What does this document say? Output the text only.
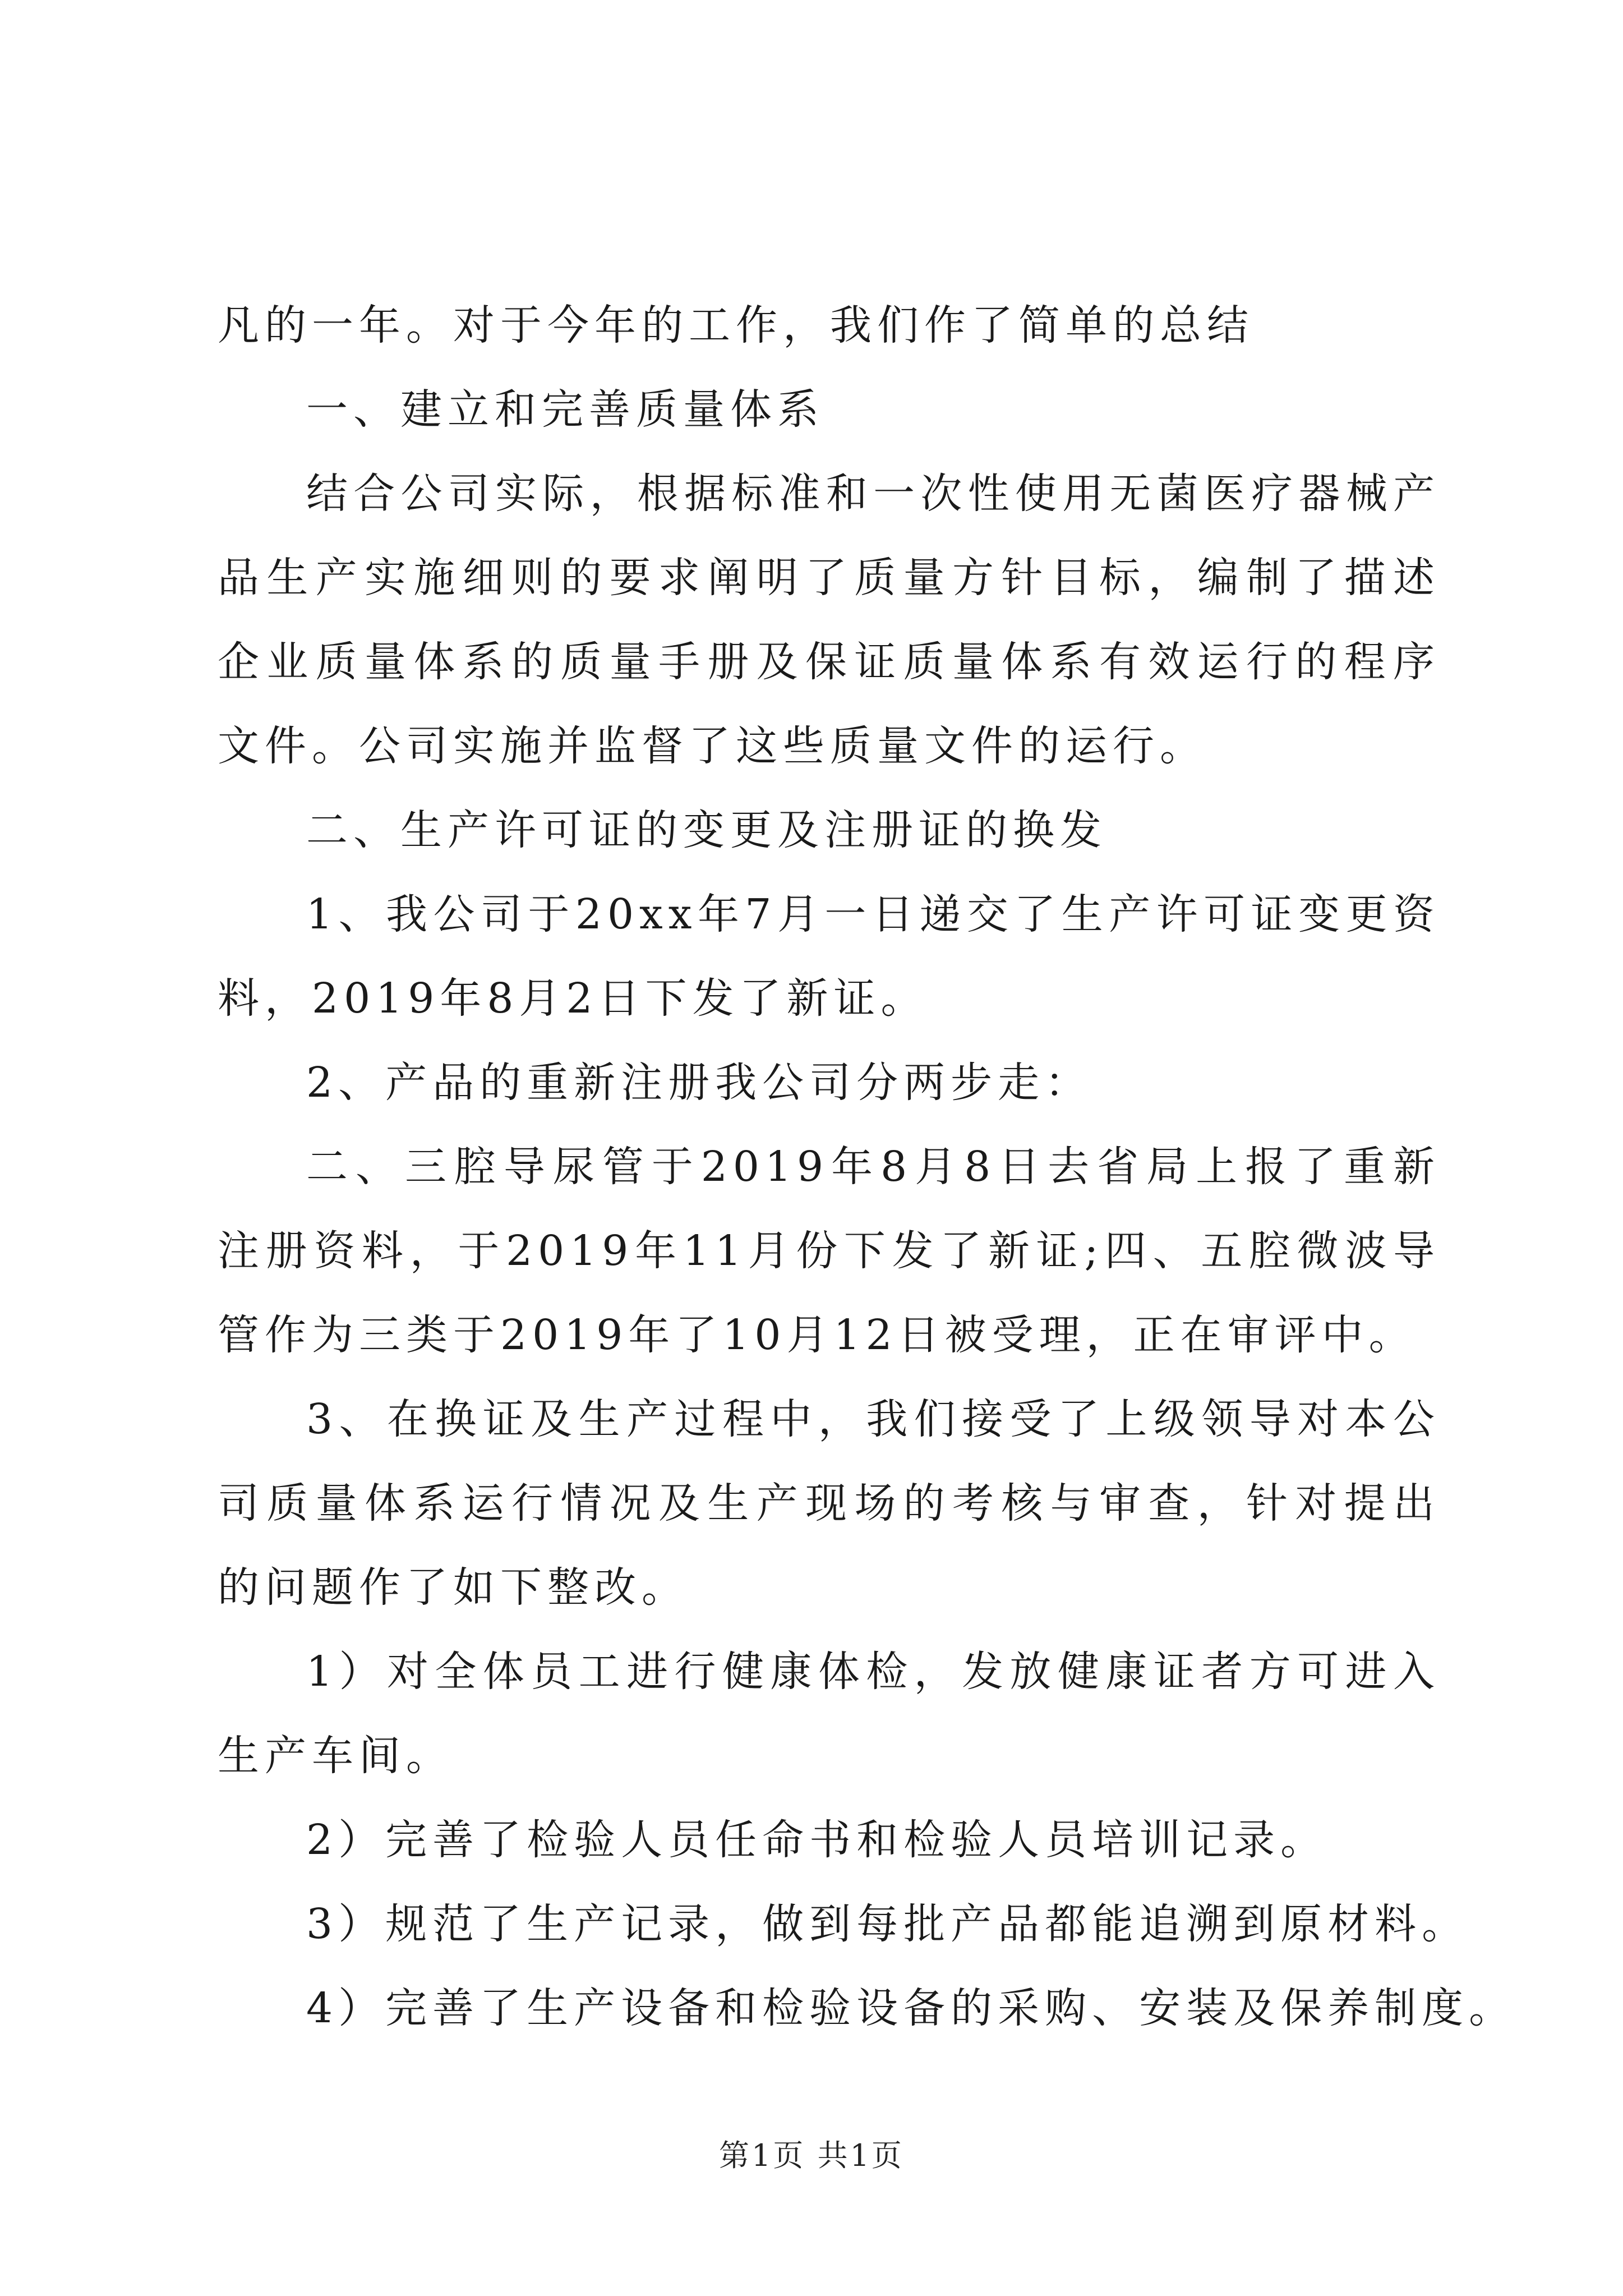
凡的一年。对于今年的工作，我们作了简单的总结

一、建立和完善质量体系

结合公司实际，根据标准和一次性使用无菌医疗器械产品生产实施细则的要求阐明了质量方针目标，编制了描述企业质量体系的质量手册及保证质量体系有效运行的程序文件。公司实施并监督了这些质量文件的运行。

二、生产许可证的变更及注册证的换发

1、我公司于20xx年7月一日递交了生产许可证变更资料，2019年8月2日下发了新证。

2、产品的重新注册我公司分两步走：

二、三腔导尿管于2019年8月8日去省局上报了重新注册资料，于2019年11月份下发了新证;四、五腔微波导管作为三类于2019年了10月12日被受理，正在审评中。

3、在换证及生产过程中，我们接受了上级领导对本公司质量体系运行情况及生产现场的考核与审查，针对提出的问题作了如下整改。

1）对全体员工进行健康体检，发放健康证者方可进入生产车间。

2）完善了检验人员任命书和检验人员培训记录。

3）规范了生产记录，做到每批产品都能追溯到原材料。

4）完善了生产设备和检验设备的采购、安装及保养制度。

第1页 共1页
